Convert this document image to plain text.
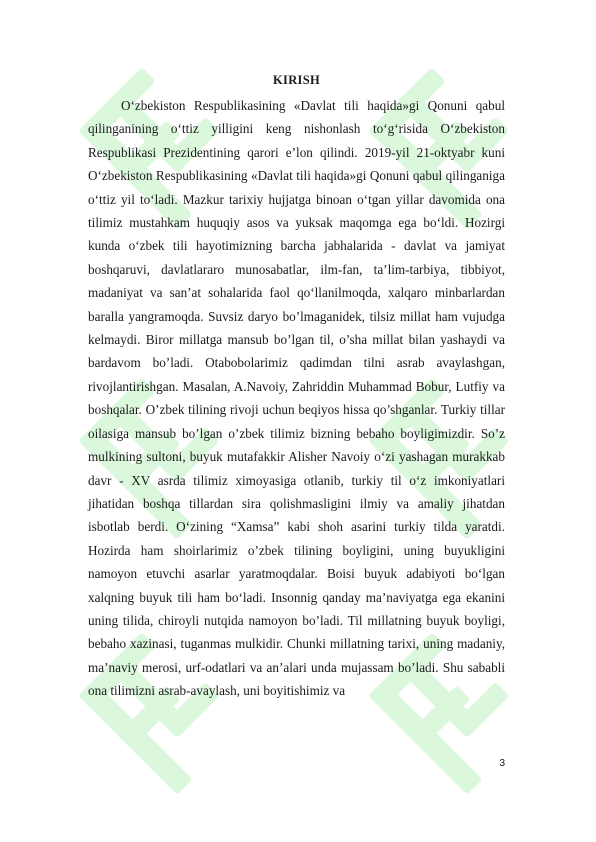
KIRISH

O‘zbekiston Respublikasining «Davlat tili haqida»gi Qonuni qabul qilinganining o‘ttiz yilligini keng nishonlash to‘g‘risida O‘zbekiston Respublikasi Prezidentining qarori e’lon qilindi. 2019-yil 21-oktyabr kuni O‘zbekiston Respublikasining «Davlat tili haqida»gi Qonuni qabul qilinganiga o‘ttiz yil to‘ladi. Mazkur tarixiy hujjatga binoan o‘tgan yillar davomida ona tilimiz mustahkam huquqiy asos va yuksak maqomga ega bo‘ldi. Hozirgi kunda o‘zbek tili hayotimizning barcha jabhalarida - davlat va jamiyat boshqaruvi, davlatlararo munosabatlar, ilm-fan, ta’lim-tarbiya, tibbiyot, madaniyat va san’at sohalarida faol qo‘llanilmoqda, xalqaro minbarlardan baralla yangramoqda. Suvsiz daryo bo’lmaganidek, tilsiz millat ham vujudga kelmaydi. Biror millatga mansub bo’lgan til, o’sha millat bilan yashaydi va bardavom bo’ladi. Otabobolarimiz qadimdan tilni asrab avaylashgan, rivojlantirishgan. Masalan, A.Navoiy, Zahriddin Muhammad Bobur, Lutfiy va boshqalar. O’zbek tilining rivoji uchun beqiyos hissa qo’shganlar. Turkiy tillar oilasiga mansub bo’lgan o’zbek tilimiz bizning bebaho boyligimizdir. So’z mulkining sultoni, buyuk mutafakkir Alisher Navoiy o‘zi yashagan murakkab davr - XV asrda tilimiz ximoyasiga otlanib, turkiy til o‘z imkoniyatlari jihatidan boshqa tillardan sira qolishmasligini ilmiy va amaliy jihatdan isbotlab berdi. O‘zining “Xamsa” kabi shoh asarini turkiy tilda yaratdi. Hozirda ham shoirlarimiz o’zbek tilining boyligini, uning buyukligini namoyon etuvchi asarlar yaratmoqdalar. Boisi buyuk adabiyoti bo‘lgan xalqning buyuk tili ham bo‘ladi. Insonnig qanday ma’naviyatga ega ekanini uning tilida, chiroyli nutqida namoyon bo’ladi. Til millatning buyuk boyligi, bebaho xazinasi, tuganmas mulkidir. Chunki millatning tarixi, uning madaniy, ma’naviy merosi, urf-odatlari va an’alari unda mujassam bo’ladi. Shu sababli ona tilimizni asrab-avaylash, uni boyitishimiz va

3
